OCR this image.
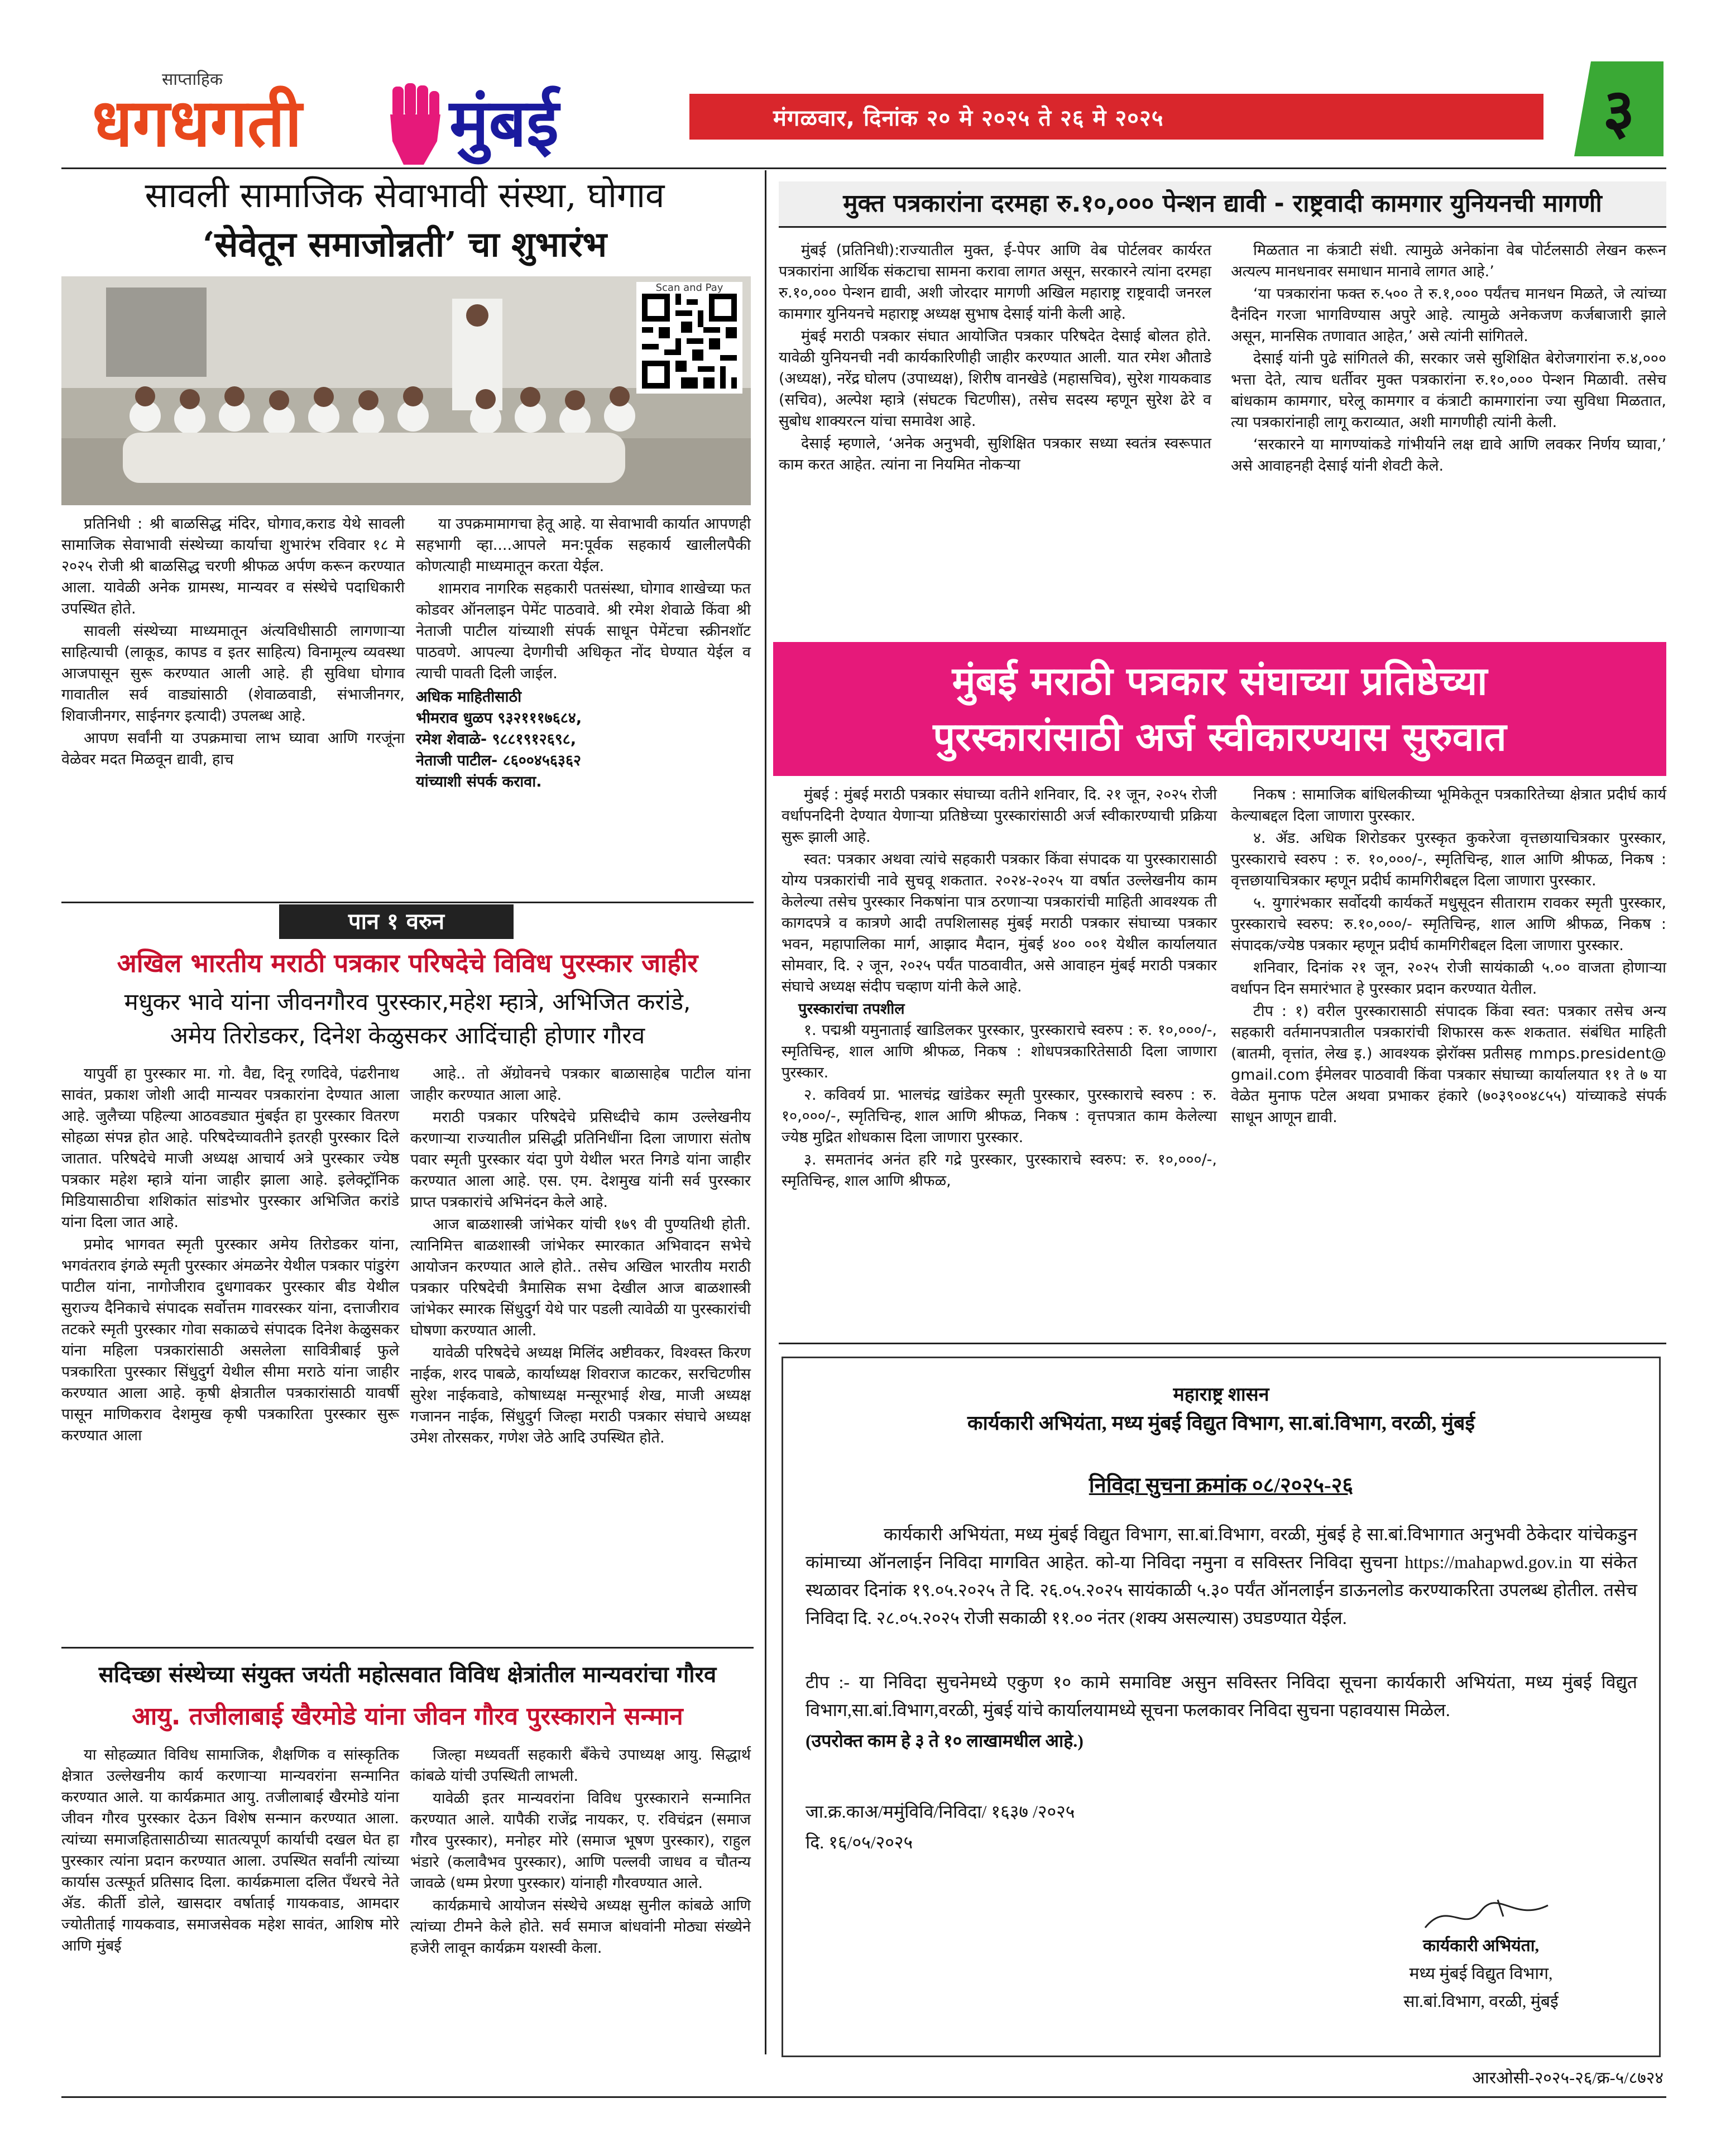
साप्ताहिक
धगधगती मुंबई	मंगळवार, दिनांक २० मे २०२५ ते २६ मे २०२५	३
सावली सामाजिक सेवाभावी संस्था, घोगाव
‘सेवेतून समाजोन्नती’ चा शुभारंभ
Scan and Pay

प्रतिनिधी : श्री बाळसिद्ध मंदिर, घोगाव,कराड येथे सावली सामाजिक सेवाभावी संस्थेच्या कार्याचा शुभारंभ रविवार १८ मे २०२५ रोजी श्री बाळसिद्ध चरणी श्रीफळ अर्पण करून करण्यात आला. यावेळी अनेक ग्रामस्थ, मान्यवर व संस्थेचे पदाधिकारी उपस्थित होते.

सावली संस्थेच्या माध्यमातून अंत्यविधीसाठी लागणाऱ्या साहित्याची (लाकूड, कापड व इतर साहित्य) विनामूल्य व्यवस्था आजपासून सुरू करण्यात आली आहे. ही सुविधा घोगाव गावातील सर्व वाड्यांसाठी (शेवाळवाडी, संभाजीनगर, शिवाजीनगर, साईनगर इत्यादी) उपलब्ध आहे.

आपण सर्वांनी या उपक्रमाचा लाभ घ्यावा आणि गरजूंना वेळेवर मदत मिळवून द्यावी, हाच

या उपक्रमामागचा हेतू आहे. या सेवाभावी कार्यात आपणही सहभागी व्हा....आपले मन:पूर्वक सहकार्य खालीलपैकी कोणत्याही माध्यमातून करता येईल.

शामराव नागरिक सहकारी पतसंस्था, घोगाव शाखेच्या फत कोडवर ऑनलाइन पेमेंट पाठवावे. श्री रमेश शेवाळे किंवा श्री नेताजी पाटील यांच्याशी संपर्क साधून पेमेंटचा स्क्रीनशॉट पाठवणे. आपल्या देणगीची अधिकृत नोंद घेण्यात येईल व त्याची पावती दिली जाईल.

अधिक माहितीसाठी
भीमराव धुळप ९३२१११७६८४,
रमेश शेवाळे- ९८८१९१२६९८,
नेताजी पाटील- ८६००४५६३६२
यांच्याशी संपर्क करावा.
पान १ वरुन
अखिल भारतीय मराठी पत्रकार परिषदेचे विविध पुरस्कार जाहीर
मधुकर भावे यांना जीवनगौरव पुरस्कार,महेश म्हात्रे, अभिजित करांडे,
अमेय तिरोडकर, दिनेश केळुसकर आदिंचाही होणार गौरव

यापुर्वी हा पुरस्कार मा. गो. वैद्य, दिनू रणदिवे, पंढरीनाथ सावंत, प्रकाश जोशी आदी मान्यवर पत्रकारांना देण्यात आला आहे. जुलैच्या पहिल्या आठवड्यात मुंबईत हा पुरस्कार वितरण सोहळा संपन्न होत आहे. परिषदेच्यावतीने इतरही पुरस्कार दिले जातात. परिषदेचे माजी अध्यक्ष आचार्य अत्रे पुरस्कार ज्येष्ठ पत्रकार महेश म्हात्रे यांना जाहीर झाला आहे. इलेक्ट्रॉनिक मिडियासाठीचा शशिकांत सांडभोर पुरस्कार अभिजित करांडे यांना दिला जात आहे.

प्रमोद भागवत स्मृती पुरस्कार अमेय तिरोडकर यांना, भगवंतराव इंगळे स्मृती पुरस्कार अंमळनेर येथील पत्रकार पांडुरंग पाटील यांना, नागोजीराव दुधगावकर पुरस्कार बीड येथील सुराज्य दैनिकाचे संपादक सर्वोत्तम गावरस्कर यांना, दत्ताजीराव तटकरे स्मृती पुरस्कार गोवा सकाळचे संपादक दिनेश केळुसकर यांना महिला पत्रकारांसाठी असलेला सावित्रीबाई फुले पत्रकारिता पुरस्कार सिंधुदुर्ग येथील सीमा मराठे यांना जाहीर करण्यात आला आहे. कृषी क्षेत्रातील पत्रकारांसाठी यावर्षी पासून माणिकराव देशमुख कृषी पत्रकारिता पुरस्कार सुरू करण्यात आला

आहे.. तो ॲग्रोवनचे पत्रकार बाळासाहेब पाटील यांना जाहीर करण्यात आला आहे.

मराठी पत्रकार परिषदेचे प्रसिध्दीचे काम उल्लेखनीय करणाऱ्या राज्यातील प्रसिद्धी प्रतिनिधींना दिला जाणारा संतोष पवार स्मृती पुरस्कार यंदा पुणे येथील भरत निगडे यांना जाहीर करण्यात आला आहे. एस. एम. देशमुख यांनी सर्व पुरस्कार प्राप्त पत्रकारांचे अभिनंदन केले आहे.

आज बाळशास्त्री जांभेकर यांची १७९ वी पुण्यतिथी होती. त्यानिमित्त बाळशास्त्री जांभेकर स्मारकात अभिवादन सभेचे आयोजन करण्यात आले होते.. तसेच अखिल भारतीय मराठी पत्रकार परिषदेची त्रैमासिक सभा देखील आज बाळशास्त्री जांभेकर स्मारक सिंधुदुर्ग येथे पार पडली त्यावेळी या पुरस्कारांची घोषणा करण्यात आली.

यावेळी परिषदेचे अध्यक्ष मिलिंद अष्टीवकर, विश्वस्त किरण नाईक, शरद पाबळे, कार्याध्यक्ष शिवराज काटकर, सरचिटणीस सुरेश नाईकवाडे, कोषाध्यक्ष मन्सूरभाई शेख, माजी अध्यक्ष गजानन नाईक, सिंधुदुर्ग जिल्हा मराठी पत्रकार संघाचे अध्यक्ष उमेश तोरसकर, गणेश जेठे आदि उपस्थित होते.

सदिच्छा संस्थेच्या संयुक्त जयंती महोत्सवात विविध क्षेत्रांतील मान्यवरांचा गौरव
आयु. तजीलाबाई खैरमोडे यांना जीवन गौरव पुरस्काराने सन्मान

या सोहळ्यात विविध सामाजिक, शैक्षणिक व सांस्कृतिक क्षेत्रात उल्लेखनीय कार्य करणाऱ्या मान्यवरांना सन्मानित करण्यात आले. या कार्यक्रमात आयु. तजीलाबाई खैरमोडे यांना जीवन गौरव पुरस्कार देऊन विशेष सन्मान करण्यात आला. त्यांच्या समाजहितासाठीच्या सातत्यपूर्ण कार्याची दखल घेत हा पुरस्कार त्यांना प्रदान करण्यात आला. उपस्थित सर्वांनी त्यांच्या कार्यास उत्स्फूर्त प्रतिसाद दिला. कार्यक्रमाला दलित पँथरचे नेते ॲड. कीर्ती डोले, खासदार वर्षाताई गायकवाड, आमदार ज्योतीताई गायकवाड, समाजसेवक महेश सावंत, आशिष मोरे आणि मुंबई

जिल्हा मध्यवर्ती सहकारी बँकेचे उपाध्यक्ष आयु. सिद्धार्थ कांबळे यांची उपस्थिती लाभली.

यावेळी इतर मान्यवरांना विविध पुरस्काराने सन्मानित करण्यात आले. यापैकी राजेंद्र नायकर, ए. रविचंद्रन (समाज गौरव पुरस्कार), मनोहर मोरे (समाज भूषण पुरस्कार), राहुल भंडारे (कलावैभव पुरस्कार), आणि पल्लवी जाधव व चौतन्य जावळे (धम्म प्रेरणा पुरस्कार) यांनाही गौरवण्यात आले.

कार्यक्रमाचे आयोजन संस्थेचे अध्यक्ष सुनील कांबळे आणि त्यांच्या टीमने केले होते. सर्व समाज बांधवांनी मोठ्या संख्येने हजेरी लावून कार्यक्रम यशस्वी केला.

मुक्त पत्रकारांना दरमहा रु.१०,००० पेन्शन द्यावी - राष्ट्रवादी कामगार युनियनची मागणी

मुंबई (प्रतिनिधी):राज्यातील मुक्त, ई-पेपर आणि वेब पोर्टलवर कार्यरत पत्रकारांना आर्थिक संकटाचा सामना करावा लागत असून, सरकारने त्यांना दरमहा रु.१०,००० पेन्शन द्यावी, अशी जोरदार मागणी अखिल महाराष्ट्र राष्ट्रवादी जनरल कामगार युनियनचे महाराष्ट्र अध्यक्ष सुभाष देसाई यांनी केली आहे.

मुंबई मराठी पत्रकार संघात आयोजित पत्रकार परिषदेत देसाई बोलत होते. यावेळी युनियनची नवी कार्यकारिणीही जाहीर करण्यात आली. यात रमेश औताडे (अध्यक्ष), नरेंद्र घोलप (उपाध्यक्ष), शिरीष वानखेडे (महासचिव), सुरेश गायकवाड (सचिव), अल्पेश म्हात्रे (संघटक चिटणीस), तसेच सदस्य म्हणून सुरेश ढेरे व सुबोध शाक्यरत्न यांचा समावेश आहे.

देसाई म्हणाले, ‘अनेक अनुभवी, सुशिक्षित पत्रकार सध्या स्वतंत्र स्वरूपात काम करत आहेत. त्यांना ना नियमित नोकऱ्या

मिळतात ना कंत्राटी संधी. त्यामुळे अनेकांना वेब पोर्टलसाठी लेखन करून अत्यल्प मानधनावर समाधान मानावे लागत आहे.’

‘या पत्रकारांना फक्त रु.५०० ते रु.१,००० पर्यंतच मानधन मिळते, जे त्यांच्या दैनंदिन गरजा भागविण्यास अपुरे आहे. त्यामुळे अनेकजण कर्जबाजारी झाले असून, मानसिक तणावात आहेत,’ असे त्यांनी सांगितले.

देसाई यांनी पुढे सांगितले की, सरकार जसे सुशिक्षित बेरोजगारांना रु.४,००० भत्ता देते, त्याच धर्तीवर मुक्त पत्रकारांना रु.१०,००० पेन्शन मिळावी. तसेच बांधकाम कामगार, घरेलू कामगार व कंत्राटी कामगारांना ज्या सुविधा मिळतात, त्या पत्रकारांनाही लागू कराव्यात, अशी मागणीही त्यांनी केली.

‘सरकारने या मागण्यांकडे गांभीर्याने लक्ष द्यावे आणि लवकर निर्णय घ्यावा,’ असे आवाहनही देसाई यांनी शेवटी केले.

मुंबई मराठी पत्रकार संघाच्या प्रतिष्ठेच्या
पुरस्कारांसाठी अर्ज स्वीकारण्यास सुरुवात

मुंबई : मुंबई मराठी पत्रकार संघाच्या वतीने शनिवार, दि. २१ जून, २०२५ रोजी वर्धापनदिनी देण्यात येणाऱ्या प्रतिष्ठेच्या पुरस्कारांसाठी अर्ज स्वीकारण्याची प्रक्रिया सुरू झाली आहे.

स्वत: पत्रकार अथवा त्यांचे सहकारी पत्रकार किंवा संपादक या पुरस्कारासाठी योग्य पत्रकारांची नावे सुचवू शकतात. २०२४-२०२५ या वर्षात उल्लेखनीय काम केलेल्या तसेच पुरस्कार निकषांना पात्र ठरणाऱ्या पत्रकारांची माहिती आवश्यक ती कागदपत्रे व कात्रणे आदी तपशिलासह मुंबई मराठी पत्रकार संघाच्या पत्रकार भवन, महापालिका मार्ग, आझाद मैदान, मुंबई ४०० ००१ येथील कार्यालयात सोमवार, दि. २ जून, २०२५ पर्यंत पाठवावीत, असे आवाहन मुंबई मराठी पत्रकार संघाचे अध्यक्ष संदीप चव्हाण यांनी केले आहे.

पुरस्कारांचा तपशील

१. पद्मश्री यमुनाताई खाडिलकर पुरस्कार, पुरस्काराचे स्वरुप : रु. १०,०००/-, स्मृतिचिन्ह, शाल आणि श्रीफळ, निकष : शोधपत्रकारितेसाठी दिला जाणारा पुरस्कार.

२. कविवर्य प्रा. भालचंद्र खांडेकर स्मृती पुरस्कार, पुरस्काराचे स्वरुप : रु. १०,०००/-, स्मृतिचिन्ह, शाल आणि श्रीफळ, निकष : वृत्तपत्रात काम केलेल्या ज्येष्ठ मुद्रित शोधकास दिला जाणारा पुरस्कार.

३. समतानंद अनंत हरि गद्रे पुरस्कार, पुरस्काराचे स्वरुप: रु. १०,०००/-, स्मृतिचिन्ह, शाल आणि श्रीफळ,

निकष : सामाजिक बांधिलकीच्या भूमिकेतून पत्रकारितेच्या क्षेत्रात प्रदीर्घ कार्य केल्याबद्दल दिला जाणारा पुरस्कार.

४. ॲड. अधिक शिरोडकर पुरस्कृत कुकरेजा वृत्तछायाचित्रकार पुरस्कार, पुरस्काराचे स्वरुप : रु. १०,०००/-, स्मृतिचिन्ह, शाल आणि श्रीफळ, निकष : वृत्तछायाचित्रकार म्हणून प्रदीर्घ कामगिरीबद्दल दिला जाणारा पुरस्कार.

५. युगारंभकार सर्वोदयी कार्यकर्ते मधुसूदन सीताराम रावकर स्मृती पुरस्कार, पुरस्काराचे स्वरुप: रु.१०,०००/- स्मृतिचिन्ह, शाल आणि श्रीफळ, निकष : संपादक/ज्येष्ठ पत्रकार म्हणून प्रदीर्घ कामगिरीबद्दल दिला जाणारा पुरस्कार.

शनिवार, दिनांक २१ जून, २०२५ रोजी सायंकाळी ५.०० वाजता होणाऱ्या वर्धापन दिन समारंभात हे पुरस्कार प्रदान करण्यात येतील.

टीप : १) वरील पुरस्कारासाठी संपादक किंवा स्वत: पत्रकार तसेच अन्य सहकारी वर्तमानपत्रातील पत्रकारांची शिफारस करू शकतात. संबंधित माहिती (बातमी, वृत्तांत, लेख इ.) आवश्यक झेरॉक्स प्रतीसह mmps.president@ gmail.com ईमेलवर पाठवावी किंवा पत्रकार संघाच्या कार्यालयात ११ ते ७ या वेळेत मुनाफ पटेल अथवा प्रभाकर हंकारे (७०३९००४८५५) यांच्याकडे संपर्क साधून आणून द्यावी.

महाराष्ट्र शासन
कार्यकारी अभियंता, मध्य मुंबई विद्युत विभाग, सा.बां.विभाग, वरळी, मुंबई
निविदा सुचना क्रमांक ०८/२०२५-२६
कार्यकारी अभियंता, मध्य मुंबई विद्युत विभाग, सा.बां.विभाग, वरळी, मुंबई हे सा.बां.विभागात अनुभवी ठेकेदार यांचेकडुन कांमाच्या ऑनलाईन निविदा मागवित आहेत. को-या निविदा नमुना व सविस्तर निविदा सुचना https://mahapwd.gov.in या संकेत स्थळावर दिनांक १९.०५.२०२५ ते दि. २६.०५.२०२५ सायंकाळी ५.३० पर्यंत ऑनलाईन डाऊनलोड करण्याकरिता उपलब्ध होतील. तसेच निविदा दि. २८.०५.२०२५ रोजी सकाळी ११.०० नंतर (शक्य असल्यास) उघडण्यात येईल.
टीप :- या निविदा सुचनेमध्ये एकुण १० कामे समाविष्ट असुन सविस्तर निविदा सूचना कार्यकारी अभियंता, मध्य मुंबई विद्युत विभाग,सा.बां.विभाग,वरळी, मुंबई यांचे कार्यालयामध्ये सूचना फलकावर निविदा सुचना पहावयास मिळेल.
(उपरोक्त काम हे ३ ते १० लाखामधील आहे.)
जा.क्र.काअ/ममुंविवि/निविदा/ १६३७ /२०२५
दि. १६/०५/२०२५
कार्यकारी अभियंता,
मध्य मुंबई विद्युत विभाग,
सा.बां.विभाग, वरळी, मुंबई
आरओसी-२०२५-२६/क्र-५/८७२४
